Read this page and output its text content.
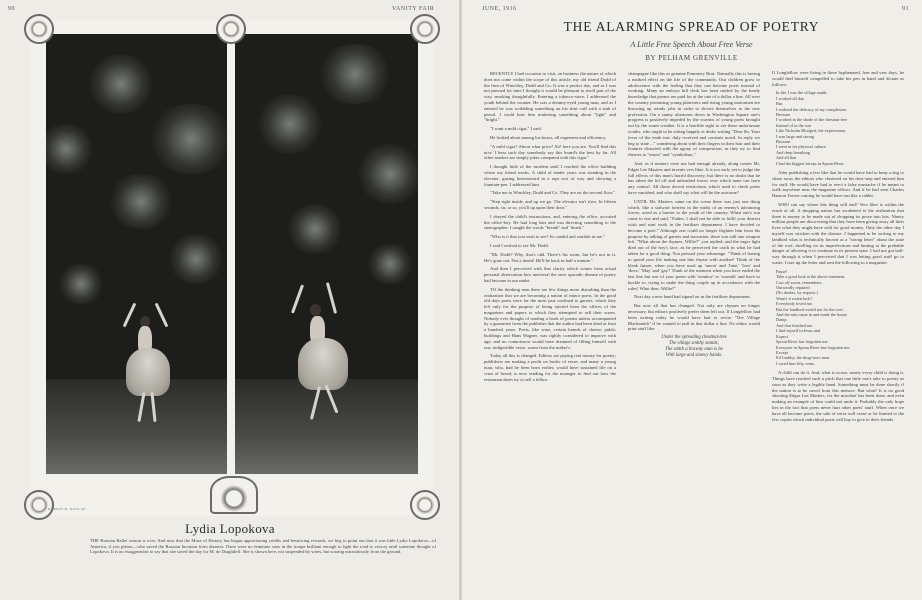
90	VANITY FAIR	JUNE, 1916	91
ROBERT H. DUNLAP
Lydia Lopokova
THE Russian Ballet season is over. And now that the Muse of History has begun apportioning credits and bestowing rewards, we beg to point out that it was little Lydia Lopokova—of America, if you please—who saved the Russian Invasion from disaster. There were no feminine stars in the troupe brilliant enough to light the road to victory until someone thought of Lopokova. It is no exaggeration to say that she saved the day for M. de Diaghileff. She is shown here, not suspended by wires, but soaring miraculously from the ground.
THE ALARMING SPREAD OF POETRY
A Little Free Speech About Free Verse
BY PELHAM GRENVILLE

RECENTLY I had occasion to visit, on business the nature of which does not come within the scope of this article, my old friend Dodd of the firm of Winchley, Dodd and Co. It was a perfect day, and as I was not pressed for time I thought it would be pleasant to stroll part of the way, smoking thoughtfully. Entering a tobacco-store, I addressed the youth behind the counter. He was a dreamy-eyed young man, and as I entered he was scribbling something on his shirt cuff with a stub of pencil. I could hear him muttering something about "light" and "bright."

"I want a mild cigar," I said.

He looked about among his boxes, all eagerness and efficiency.

"A mild cigar? About what price? Ah! here you are. You'll find this nice. I hear such day somebody say this brand's the best by far. All other smokes are simply jokes compared with this cigar."

I thought little of the incident until I reached the office building where my friend works. A child of tender years was standing in the elevator, gazing heavenward in a rapt sort of way and chewing a fountain-pen. I addressed him.

"Take me to Winchley, Dodd and Co. They are on the second floor."

"Step right inside, and up we go. The elevator isn't slow. In fifteen seconds, sir, or so, you'll up upon their door."

I obeyed the child's instructions, and, entering the office, accosted the office-boy. He had long hair and was directing something to the stenographer. I caught the words "breath" and "death."

"Who is it that you wish to see? So candid and confide in me."

I said I wished to see Mr. Dodd.

"Mr. Dodd? Why, that's odd. There's his room, but he's not in it. He's gone out. Not a doubt! He'll be back in half a minute."

And then I perceived with that clarity which comes from actual personal observation how universal the once sporadic disease of poetry had become in our midst.

TO the thinking man there are few things more disturbing than the realization that we are becoming a nation of minor poets. In the good old days poets were for the most part confined to garrets, which they left only for the purpose of being ejected from the offices of the magazines and papers to which they attempted to sell their wares. Nobody ever thought of reading a book of poems unless accompanied by a guarantee from the publisher that the author had been dead at least a hundred years. Poets, like wine, certain brands of cheese, public buildings and Hans Wagner, was rightly considered to improve with age; and no connoisseur would have dreamed of filling himself with raw, indigestible verse, warm from the maker's.

Today all this is changed. Editors are paying real money for poetry; publishers are making a profit on books of verse; and many a young man, who, had he been born earlier, would have sustained life on a crust of bread, is now sending for the manager to find out how the restaurant dares try to sell a fellow

champagne like this as genuine Pommery Brut. Naturally this is having a marked effect on the life of the community. Our children grow to adolescence with the feeling that they can become poets instead of working. Many an embryo bill clerk has been misled by the heady knowledge that poems are paid for at the rate of a dollar a line. All over the country promising young plasterers and rising young motormen are throwing up steady jobs in order to devote themselves to the new profession. On a sunny afternoon down in Washington Square one's progress is positively impeded by the swarms of young poets brought out by the warm weather. It is a horrible sight to see these unfortunate youths, who ought to be sitting happily at desks writing "Dear Sir, Your favor of the tenth inst. duly received and contents noted. In reply we beg to state ..." wandering about with their fingers in their hair and their features distorted with the agony of composition, as they try to find rhymes to "moon" and "symbolism."

And, as if matters were not bad enough already, along comes Mr. Edgar Lee Masters and invents vers libre. It is too early yet to judge the full effects of this man's horrid discovery, but there is no doubt that he has taken the lid off and unleashed forces over which none can have any control. All those decent restrictions which used to check poets have vanished, and who shall say what will be the outcome?

UNTIL Mr. Masters came on the scene there was just one thing which, like a stalwart fortress in the midst of an enemy's advancing forces, acted as a barrier to the youth of the country. When one's son came to one and said, "Father, I shall not be able to fulfil your dearest wish and start work in the fertilizer department. I have decided to become a poet." Although one could no longer frighten him from his purpose by talking of garrets and starvation, there was still one weapon left. "What about the rhymes, Willie?" you replied, and the eager light died out of the boy's face, as he perceived the catch in what he had taken for a good thing. You pressed your advantage. "Think of having to spend your life making one line rhyme with another! Think of the bleak future, when you have used up 'moon' and 'June,' 'love' and 'dove,' 'May' and 'gay'! Think of the moment when you have ended the last line but one of your poem with 'window' or 'warmth' and have to buckle to, trying to make the thing couple up in accordance with the rules! What then, Willie?"

Next day a new hand had signed on in the fertilizer department.

But now all that has changed. Not only are rhymes no longer necessary, but editors positively prefer them left out. If Longfellow had been writing today he would have had to revise "The Village Blacksmith" if he wanted to pull in that dollar a line. No editor would print stuff like:

Under the spreading chestnut-tree
The village smithy stands;
The smith a brawny man is he
With large and sinewy hands.

If Longfellow were living in these hyphenated, free and vers days, he would find himself compelled to take his pen in hand and dictate as follows:

In life I was the village smith.
I worked all day
But
I realized the delicacy of my complexion
Because
I worked in the shade of the chestnut-tree
Instead of in the sun
Like Nicholas Blodgett, the expressman.
I was large and strong
Because
I went in for physical culture
And deep breathing
And all that
I had the biggest biceps in Spoon River.

After publishing a few like that he would have had to keep a dog to chase away the editors who clustered on his door-step and entered him for stuff. He would have had to erect a false mustache if he meant to walk anywhere near the magazine offices. And if he had seen Charles Hanson Towne coming he would have run like a rabbit.

WHO can say where this thing will end? Vers libre is within the reach of all. A shopping nation has awakened to the realization that there is money to be made out of chopping its prose into bits. Ninety million people are discovering that they have been giving away all their lives what they might have sold for good money. Only the other day I myself was stricken with the disease. I happened to be writing to my landlord what is technically known as a "strong letter" about the state of the roof, dwelling on its imperfections and hinting at the probable danger of allowing it to continue in its present state. I had not got half-way through it when I perceived that I was letting good stuff go to waste. I tore up the letter and sent the following to a magazine:

Pause!
Take a good look at the above tenement.
Cast off scorn, remembers.
Outwardly repaired
(No doubts, by request.)
Wasn't it rotten luck?
Everybody loved me.
But the landlord would not fix the roof,
And the rain came in and made the house
Damp.
And that finished me.
I find myself in Jesus and
Expect
Spoon River has forgotten me.
Everyone in Spoon River has forgotten me.
Except
Ed Leabby, the drug-store man.
I owed him fifty cents.

A child can do it. And, what is worse, nearly every child is doing it. Things have reached such a pitch that one little one's take to poetry as soon as they write a legible hand. Something must be done shortly if the nation is to be saved from this menace. But what? It is no good shooting Edgar Lee Masters, for the mischief has been done, and even making an example of him could not undo it. Probably the only hope lies in the fact that poets never hurt other poets' stuff. When once we have all become poets, the sale of verse will cease or be limited to the few copies which individual poets will buy to give to their friends.
